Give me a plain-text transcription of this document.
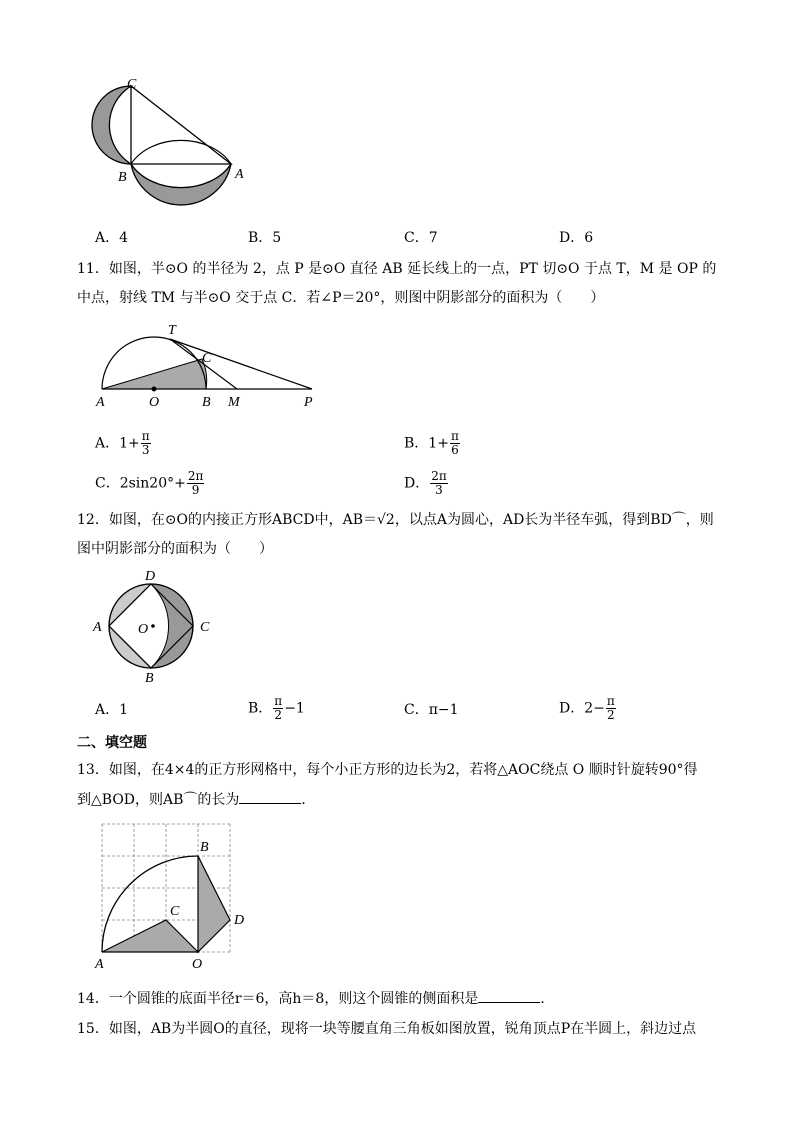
C
B	A
A．4	B．5	C．7	D．6
11．如图，半⊙O 的半径为 2，点 P 是⊙O 直径 AB 延长线上的一点，PT 切⊙O 于点 T，M 是 OP 的
中点，射线 TM 与半⊙O 交于点 C．若∠P＝20°，则图中阴影部分的面积为（　　）
T
C
A	O	B M	P
A．$1+ \frac{\pi}{3}$	B．$1+ \frac{\pi}{6}$
C．$2\sin 20^\circ+ \frac{2\pi}{9}$	D． $\frac{2\pi}{3}$
12．如图，在⊙O的内接正方形ABCD中，AB＝√2，以点A为圆心，AD长为半径车弧，得到BD⌒，则
图中阴影部分的面积为（　　）
D
A	O	C
B
A．1	B． $\frac{\pi}{2} -1$	C．π−1	D．$2- \frac{\pi}{2}$
二、填空题
13．如图，在4×4的正方形网格中，每个小正方形的边长为2，若将△AOC绕点 O 顺时针旋转90°得
到△BOD，则AB⌒的长为	．
B
C
D
A	O
14．一个圆锥的底面半径r＝6，高h＝8，则这个圆锥的侧面积是	．
15．如图，AB为半圆O的直径，现将一块等腰直角三角板如图放置，锐角顶点P在半圆上，斜边过点
